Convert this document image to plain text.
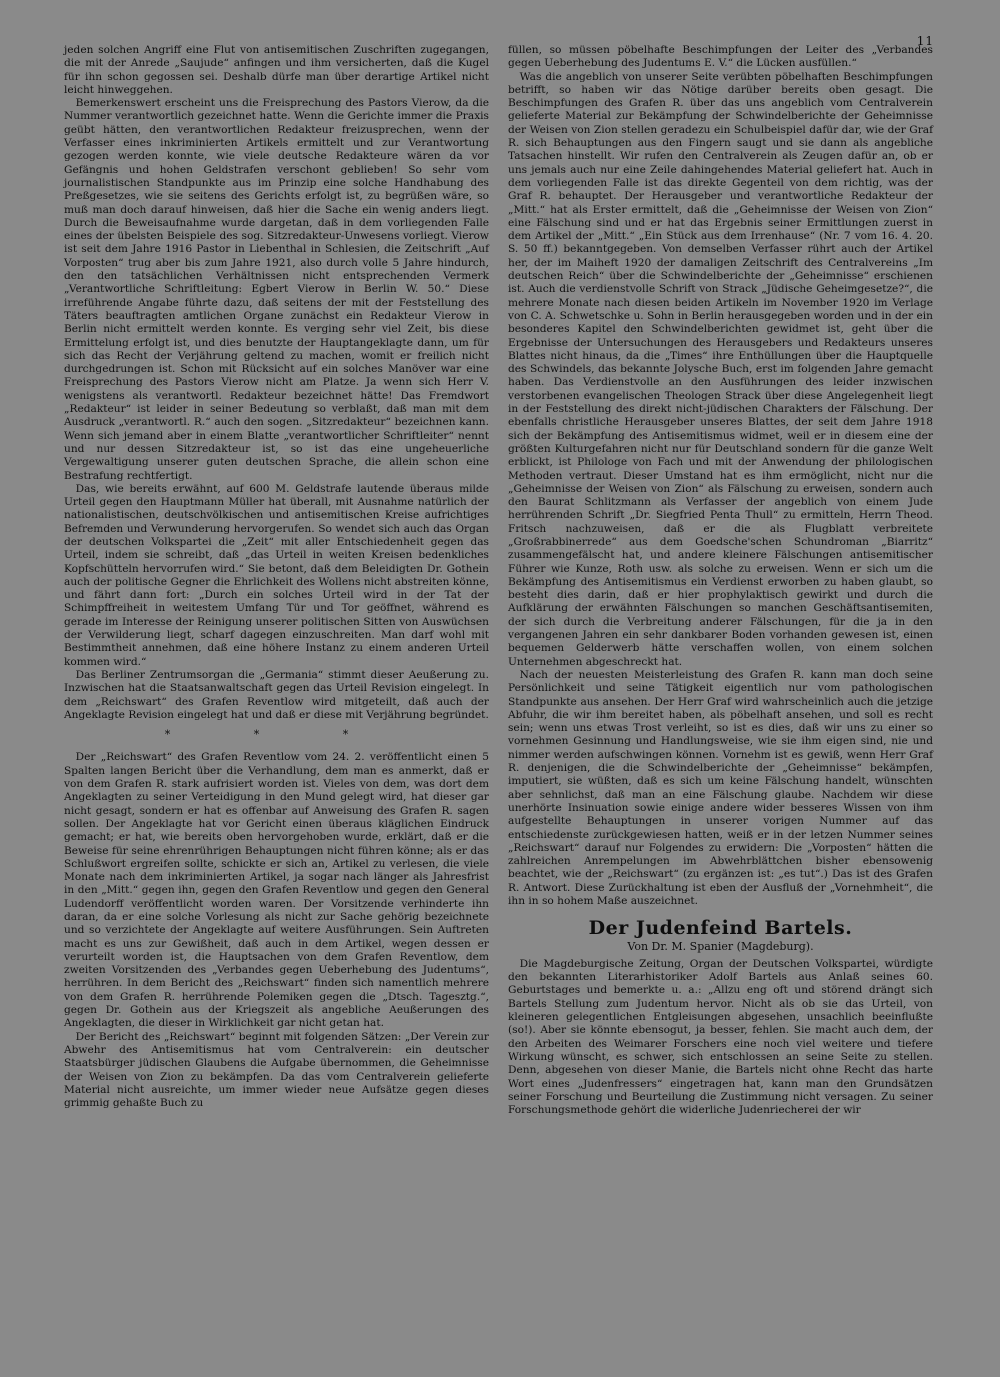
11

jeden solchen Angriff eine Flut von antisemitischen Zuschriften zugegangen, die mit der Anrede „Saujude“ anfingen und ihm versicherten, daß die Kugel für ihn schon gegossen sei. Deshalb dürfe man über derartige Artikel nicht leicht hinweggehen.

Bemerkenswert erscheint uns die Freisprechung des Pastors Vierow, da die Nummer verantwortlich gezeichnet hatte. Wenn die Gerichte immer die Praxis geübt hätten, den verantwortlichen Redakteur freizusprechen, wenn der Verfasser eines inkriminierten Artikels ermittelt und zur Verantwortung gezogen werden konnte, wie viele deutsche Redakteure wären da vor Gefängnis und hohen Geldstrafen verschont geblieben! So sehr vom journalistischen Standpunkte aus im Prinzip eine solche Handhabung des Preßgesetzes, wie sie seitens des Gerichts erfolgt ist, zu begrüßen wäre, so muß man doch darauf hinweisen, daß hier die Sache ein wenig anders liegt. Durch die Beweisaufnahme wurde dargetan, daß in dem vorliegenden Falle eines der übelsten Beispiele des sog. Sitzredakteur-Unwesens vorliegt. Vierow ist seit dem Jahre 1916 Pastor in Liebenthal in Schlesien, die Zeitschrift „Auf Vorposten“ trug aber bis zum Jahre 1921, also durch volle 5 Jahre hindurch, den den tatsächlichen Verhältnissen nicht entsprechenden Vermerk „Verantwortliche Schriftleitung: Egbert Vierow in Berlin W. 50.“ Diese irreführende Angabe führte dazu, daß seitens der mit der Feststellung des Täters beauftragten amtlichen Organe zunächst ein Redakteur Vierow in Berlin nicht ermittelt werden konnte. Es verging sehr viel Zeit, bis diese Ermittelung erfolgt ist, und dies benutzte der Hauptangeklagte dann, um für sich das Recht der Verjährung geltend zu machen, womit er freilich nicht durchgedrungen ist. Schon mit Rücksicht auf ein solches Manöver war eine Freisprechung des Pastors Vierow nicht am Platze. Ja wenn sich Herr V. wenigstens als verantwortl. Redakteur bezeichnet hätte! Das Fremdwort „Redakteur“ ist leider in seiner Bedeutung so verblaßt, daß man mit dem Ausdruck „verantwortl. R.“ auch den sogen. „Sitzredakteur“ bezeichnen kann. Wenn sich jemand aber in einem Blatte „verantwortlicher Schriftleiter“ nennt und nur dessen Sitzredakteur ist, so ist das eine ungeheuerliche Vergewaltigung unserer guten deutschen Sprache, die allein schon eine Bestrafung rechtfertigt.

Das, wie bereits erwähnt, auf 600 M. Geldstrafe lautende überaus milde Urteil gegen den Hauptmann Müller hat überall, mit Ausnahme natürlich der nationalistischen, deutschvölkischen und antisemitischen Kreise aufrichtiges Befremden und Verwunderung hervorgerufen. So wendet sich auch das Organ der deutschen Volkspartei die „Zeit“ mit aller Entschiedenheit gegen das Urteil, indem sie schreibt, daß „das Urteil in weiten Kreisen bedenkliches Kopfschütteln hervorrufen wird.“ Sie betont, daß dem Beleidigten Dr. Gothein auch der politische Gegner die Ehrlichkeit des Wollens nicht abstreiten könne, und fährt dann fort: „Durch ein solches Urteil wird in der Tat der Schimpffreiheit in weitestem Umfang Tür und Tor geöffnet, während es gerade im Interesse der Reinigung unserer politischen Sitten von Auswüchsen der Verwilderung liegt, scharf dagegen einzuschreiten. Man darf wohl mit Bestimmtheit annehmen, daß eine höhere Instanz zu einem anderen Urteil kommen wird.“

Das Berliner Zentrumsorgan die „Germania“ stimmt dieser Aeußerung zu. Inzwischen hat die Staatsanwaltschaft gegen das Urteil Revision eingelegt. In dem „Reichswart“ des Grafen Reventlow wird mitgeteilt, daß auch der Angeklagte Revision eingelegt hat und daß er diese mit Verjährung begründet.

* * *

Der „Reichswart“ des Grafen Reventlow vom 24. 2. veröffentlicht einen 5 Spalten langen Bericht über die Verhandlung, dem man es anmerkt, daß er von dem Grafen R. stark aufrisiert worden ist. Vieles von dem, was dort dem Angeklagten zu seiner Verteidigung in den Mund gelegt wird, hat dieser gar nicht gesagt, sondern er hat es offenbar auf Anweisung des Grafen R. sagen sollen. Der Angeklagte hat vor Gericht einen überaus kläglichen Eindruck gemacht; er hat, wie bereits oben hervorgehoben wurde, erklärt, daß er die Beweise für seine ehrenrührigen Behauptungen nicht führen könne; als er das Schlußwort ergreifen sollte, schickte er sich an, Artikel zu verlesen, die viele Monate nach dem inkriminierten Artikel, ja sogar nach länger als Jahresfrist in den „Mitt.“ gegen ihn, gegen den Grafen Reventlow und gegen den General Ludendorff veröffentlicht worden waren. Der Vorsitzende verhinderte ihn daran, da er eine solche Vorlesung als nicht zur Sache gehörig bezeichnete und so verzichtete der Angeklagte auf weitere Ausführungen. Sein Auftreten macht es uns zur Gewißheit, daß auch in dem Artikel, wegen dessen er verurteilt worden ist, die Hauptsachen von dem Grafen Reventlow, dem zweiten Vorsitzenden des „Verbandes gegen Ueberhebung des Judentums“, herrühren. In dem Bericht des „Reichswart“ finden sich namentlich mehrere von dem Grafen R. herrührende Polemiken gegen die „Dtsch. Tagesztg.“, gegen Dr. Gothein aus der Kriegszeit als angebliche Aeußerungen des Angeklagten, die dieser in Wirklichkeit gar nicht getan hat.

Der Bericht des „Reichswart“ beginnt mit folgenden Sätzen: „Der Verein zur Abwehr des Antisemitismus hat vom Centralverein: ein deutscher Staatsbürger jüdischen Glaubens die Aufgabe übernommen, die Geheimnisse der Weisen von Zion zu bekämpfen. Da das vom Centralverein gelieferte Material nicht ausreichte, um immer wieder neue Aufsätze gegen dieses grimmig gehaßte Buch zu

füllen, so müssen pöbelhafte Beschimpfungen der Leiter des „Verbandes gegen Ueberhebung des Judentums E. V.“ die Lücken ausfüllen.“

Was die angeblich von unserer Seite verübten pöbelhaften Beschimpfungen betrifft, so haben wir das Nötige darüber bereits oben gesagt. Die Beschimpfungen des Grafen R. über das uns angeblich vom Centralverein gelieferte Material zur Bekämpfung der Schwindelberichte der Geheimnisse der Weisen von Zion stellen geradezu ein Schulbeispiel dafür dar, wie der Graf R. sich Behauptungen aus den Fingern saugt und sie dann als angebliche Tatsachen hinstellt. Wir rufen den Centralverein als Zeugen dafür an, ob er uns jemals auch nur eine Zeile dahingehendes Material geliefert hat. Auch in dem vorliegenden Falle ist das direkte Gegenteil von dem richtig, was der Graf R. behauptet. Der Herausgeber und verantwortliche Redakteur der „Mitt.“ hat als Erster ermittelt, daß die „Geheimnisse der Weisen von Zion“ eine Fälschung sind und er hat das Ergebnis seiner Ermittlungen zuerst in dem Artikel der „Mitt.“ „Ein Stück aus dem Irrenhause“ (Nr. 7 vom 16. 4. 20. S. 50 ff.) bekanntgegeben. Von demselben Verfasser rührt auch der Artikel her, der im Maiheft 1920 der damaligen Zeitschrift des Centralvereins „Im deutschen Reich“ über die Schwindelberichte der „Geheimnisse“ erschienen ist. Auch die verdienstvolle Schrift von Strack „Jüdische Geheimgesetze?“, die mehrere Monate nach diesen beiden Artikeln im November 1920 im Verlage von C. A. Schwetschke u. Sohn in Berlin herausgegeben worden und in der ein besonderes Kapitel den Schwindelberichten gewidmet ist, geht über die Ergebnisse der Untersuchungen des Herausgebers und Redakteurs unseres Blattes nicht hinaus, da die „Times“ ihre Enthüllungen über die Hauptquelle des Schwindels, das bekannte Jolysche Buch, erst im folgenden Jahre gemacht haben. Das Verdienstvolle an den Ausführungen des leider inzwischen verstorbenen evangelischen Theologen Strack über diese Angelegenheit liegt in der Feststellung des direkt nicht-jüdischen Charakters der Fälschung. Der ebenfalls christliche Herausgeber unseres Blattes, der seit dem Jahre 1918 sich der Bekämpfung des Antisemitismus widmet, weil er in diesem eine der größten Kulturgefahren nicht nur für Deutschland sondern für die ganze Welt erblickt, ist Philologe von Fach und mit der Anwendung der philologischen Methoden vertraut. Dieser Umstand hat es ihm ermöglicht, nicht nur die „Geheimnisse der Weisen von Zion“ als Fälschung zu erweisen, sondern auch den Baurat Schlitzmann als Verfasser der angeblich von einem Jude herrührenden Schrift „Dr. Siegfried Penta Thull“ zu ermitteln, Herrn Theod. Fritsch nachzuweisen, daß er die als Flugblatt verbreitete „Großrabbinerrede“ aus dem Goedsche'schen Schundroman „Biarritz“ zusammengefälscht hat, und andere kleinere Fälschungen antisemitischer Führer wie Kunze, Roth usw. als solche zu erweisen. Wenn er sich um die Bekämpfung des Antisemitismus ein Verdienst erworben zu haben glaubt, so besteht dies darin, daß er hier prophylaktisch gewirkt und durch die Aufklärung der erwähnten Fälschungen so manchen Geschäftsantisemiten, der sich durch die Verbreitung anderer Fälschungen, für die ja in den vergangenen Jahren ein sehr dankbarer Boden vorhanden gewesen ist, einen bequemen Gelderwerb hätte verschaffen wollen, von einem solchen Unternehmen abgeschreckt hat.

Nach der neuesten Meisterleistung des Grafen R. kann man doch seine Persönlichkeit und seine Tätigkeit eigentlich nur vom pathologischen Standpunkte aus ansehen. Der Herr Graf wird wahrscheinlich auch die jetzige Abfuhr, die wir ihm bereitet haben, als pöbelhaft ansehen, und soll es recht sein; wenn uns etwas Trost verleiht, so ist es dies, daß wir uns zu einer so vornehmen Gesinnung und Handlungsweise, wie sie ihm eigen sind, nie und nimmer werden aufschwingen können. Vornehm ist es gewiß, wenn Herr Graf R. denjenigen, die die Schwindelberichte der „Geheimnisse“ bekämpfen, imputiert, sie wüßten, daß es sich um keine Fälschung handelt, wünschten aber sehnlichst, daß man an eine Fälschung glaube. Nachdem wir diese unerhörte Insinuation sowie einige andere wider besseres Wissen von ihm aufgestellte Behauptungen in unserer vorigen Nummer auf das entschiedenste zurückgewiesen hatten, weiß er in der letzen Nummer seines „Reichswart“ darauf nur Folgendes zu erwidern: Die „Vorposten“ hätten die zahlreichen Anrempelungen im Abwehrblättchen bisher ebensowenig beachtet, wie der „Reichswart“ (zu ergänzen ist: „es tut“.) Das ist des Grafen R. Antwort. Diese Zurückhaltung ist eben der Ausfluß der „Vornehmheit“, die ihn in so hohem Maße auszeichnet.

Der Judenfeind Bartels.
Von Dr. M. Spanier (Magdeburg).

Die Magdeburgische Zeitung, Organ der Deutschen Volkspartei, würdigte den bekannten Literarhistoriker Adolf Bartels aus Anlaß seines 60. Geburtstages und bemerkte u. a.: „Allzu eng oft und störend drängt sich Bartels Stellung zum Judentum hervor. Nicht als ob sie das Urteil, von kleineren gelegentlichen Entgleisungen abgesehen, unsachlich beeinflußte (so!). Aber sie könnte ebensogut, ja besser, fehlen. Sie macht auch dem, der den Arbeiten des Weimarer Forschers eine noch viel weitere und tiefere Wirkung wünscht, es schwer, sich entschlossen an seine Seite zu stellen. Denn, abgesehen von dieser Manie, die Bartels nicht ohne Recht das harte Wort eines „Judenfressers“ eingetragen hat, kann man den Grundsätzen seiner Forschung und Beurteilung die Zustimmung nicht versagen. Zu seiner Forschungsmethode gehört die widerliche Judenriecherei der wir
